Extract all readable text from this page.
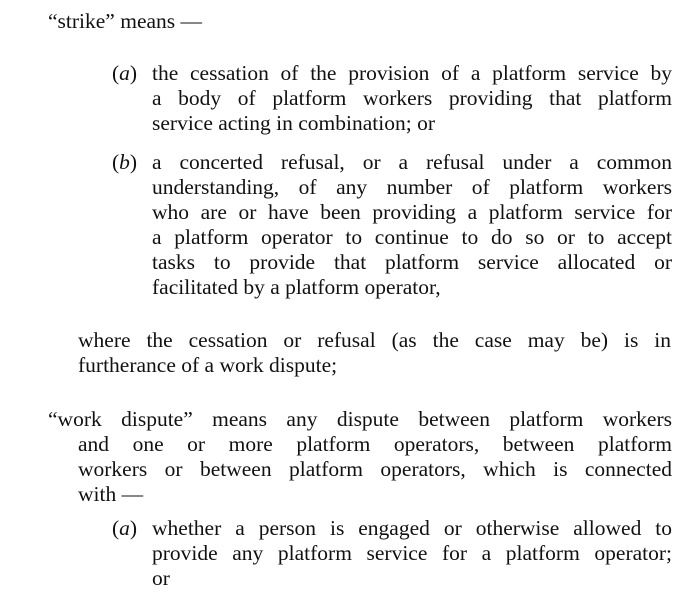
“strike” means —
(a) the cessation of the provision of a platform service by
a body of platform workers providing that platform
service acting in combination; or
(b) a concerted refusal, or a refusal under a common
understanding, of any number of platform workers
who are or have been providing a platform service for
a platform operator to continue to do so or to accept
tasks to provide that platform service allocated or
facilitated by a platform operator,
where the cessation or refusal (as the case may be) is in
furtherance of a work dispute;
“work dispute” means any dispute between platform workers
and one or more platform operators, between platform
workers or between platform operators, which is connected
with —
(a) whether a person is engaged or otherwise allowed to
provide any platform service for a platform operator;
or
